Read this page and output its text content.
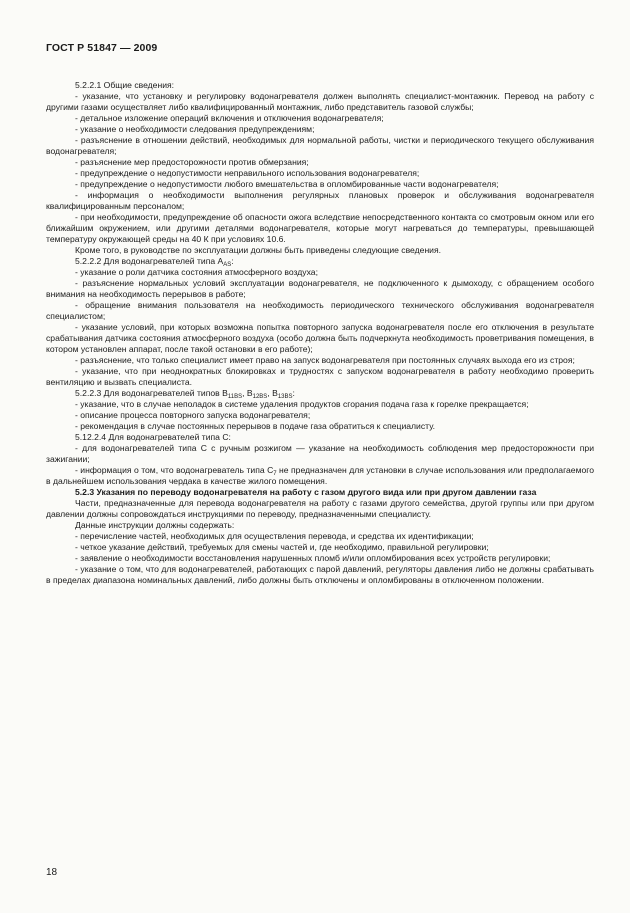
ГОСТ Р 51847 — 2009

5.2.2.1 Общие сведения:

- указание, что установку и регулировку водонагревателя должен выполнять специалист-монтажник. Перевод на работу с другими газами осуществляет либо квалифицированный монтажник, либо представитель газовой службы;

- детальное изложение операций включения и отключения водонагревателя;

- указание о необходимости следования предупреждениям;

- разъяснение в отношении действий, необходимых для нормальной работы, чистки и периодического текущего обслуживания водонагревателя;

- разъяснение мер предосторожности против обмерзания;

- предупреждение о недопустимости неправильного использования водонагревателя;

- предупреждение о недопустимости любого вмешательства в опломбированные части водонагревателя;

- информация о необходимости выполнения регулярных плановых проверок и обслуживания водонагревателя квалифицированным персоналом;

- при необходимости, предупреждение об опасности ожога вследствие непосредственного контакта со смотровым окном или его ближайшим окружением, или другими деталями водонагревателя, которые могут нагреваться до температуры, превышающей температуру окружающей среды на 40 К при условиях 10.6.

Кроме того, в руководстве по эксплуатации должны быть приведены следующие сведения.

5.2.2.2 Для водонагревателей типа $A_{AS}$:

- указание о роли датчика состояния атмосферного воздуха;

- разъяснение нормальных условий эксплуатации водонагревателя, не подключенного к дымоходу, с обращением особого внимания на необходимость перерывов в работе;

- обращение внимания пользователя на необходимость периодического технического обслуживания водонагревателя специалистом;

- указание условий, при которых возможна попытка повторного запуска водонагревателя после его отключения в результате срабатывания датчика состояния атмосферного воздуха (особо должна быть подчеркнута необходимость проветривания помещения, в котором установлен аппарат, после такой остановки в его работе);

- разъяснение, что только специалист имеет право на запуск водонагревателя при постоянных случаях выхода его из строя;

- указание, что при неоднократных блокировках и трудностях с запуском водонагревателя в работу необходимо проверить вентиляцию и вызвать специалиста.

5.2.2.3 Для водонагревателей типов $B_{11BS}$, $B_{12BS}$, $B_{13BS}$:

- указание, что в случае неполадок в системе удаления продуктов сгорания подача газа к горелке прекращается;

- описание процесса повторного запуска водонагревателя;

- рекомендация в случае постоянных перерывов в подаче газа обратиться к специалисту.

5.12.2.4 Для водонагревателей типа С:

- для водонагревателей типа С с ручным розжигом — указание на необходимость соблюдения мер предосторожности при зажигании;

- информация о том, что водонагреватель типа $С_7$ не предназначен для установки в случае использования или предполагаемого в дальнейшем использования чердака в качестве жилого помещения.

5.2.3 Указания по переводу водонагревателя на работу с газом другого вида или при другом давлении газа

Части, предназначенные для перевода водонагревателя на работу с газами другого семейства, другой группы или при другом давлении должны сопровождаться инструкциями по переводу, предназначенными специалисту.

Данные инструкции должны содержать:

- перечисление частей, необходимых для осуществления перевода, и средства их идентификации;

- четкое указание действий, требуемых для смены частей и, где необходимо, правильной регулировки;

- заявление о необходимости восстановления нарушенных пломб и/или опломбирования всех устройств регулировки;

- указание о том, что для водонагревателей, работающих с парой давлений, регуляторы давления либо не должны срабатывать в пределах диапазона номинальных давлений, либо должны быть отключены и опломбированы в отключенном положении.

18
